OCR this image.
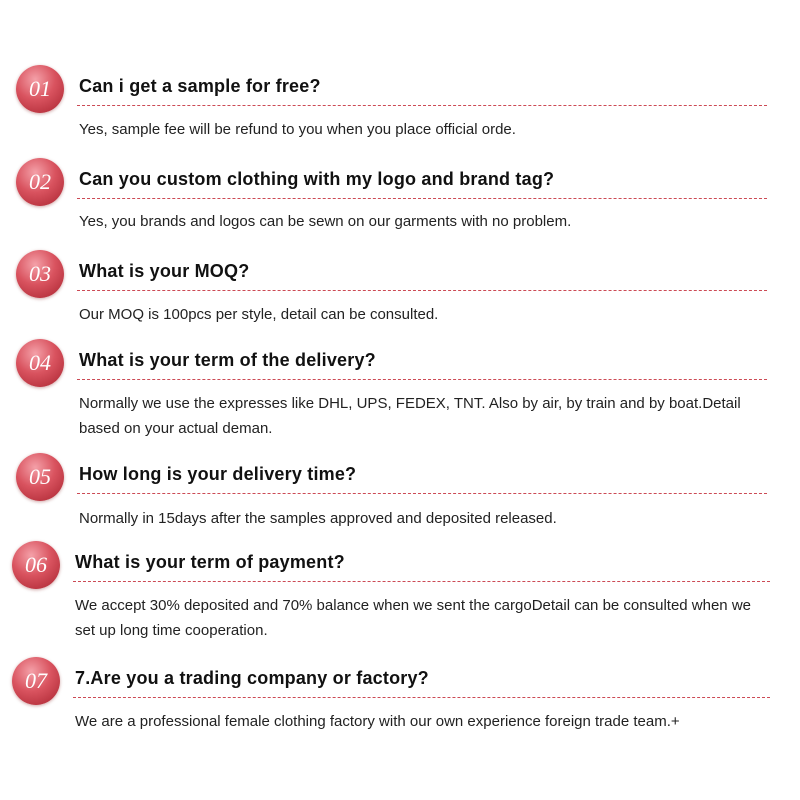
01	Can i get a sample for free?

Yes, sample fee will be refund to you when you place official orde.

02	Can you custom clothing with my logo and brand tag?

Yes, you brands and logos can be sewn on our garments with no problem.

03	What is your MOQ?

Our MOQ is 100pcs per style, detail can be consulted.

04	What is your term of the delivery?

Normally we use the expresses like DHL, UPS, FEDEX, TNT. Also by air, by train and by boat.Detail based on your actual deman.

05	How long is your delivery time?

Normally in 15days after the samples approved and deposited released.

06	What is your term of payment?

We accept 30% deposited and 70% balance when we sent the cargoDetail can be consulted when we set up long time cooperation.

07	7.Are you a trading company or factory?

We are a professional female clothing factory with our own experience foreign trade team.+
